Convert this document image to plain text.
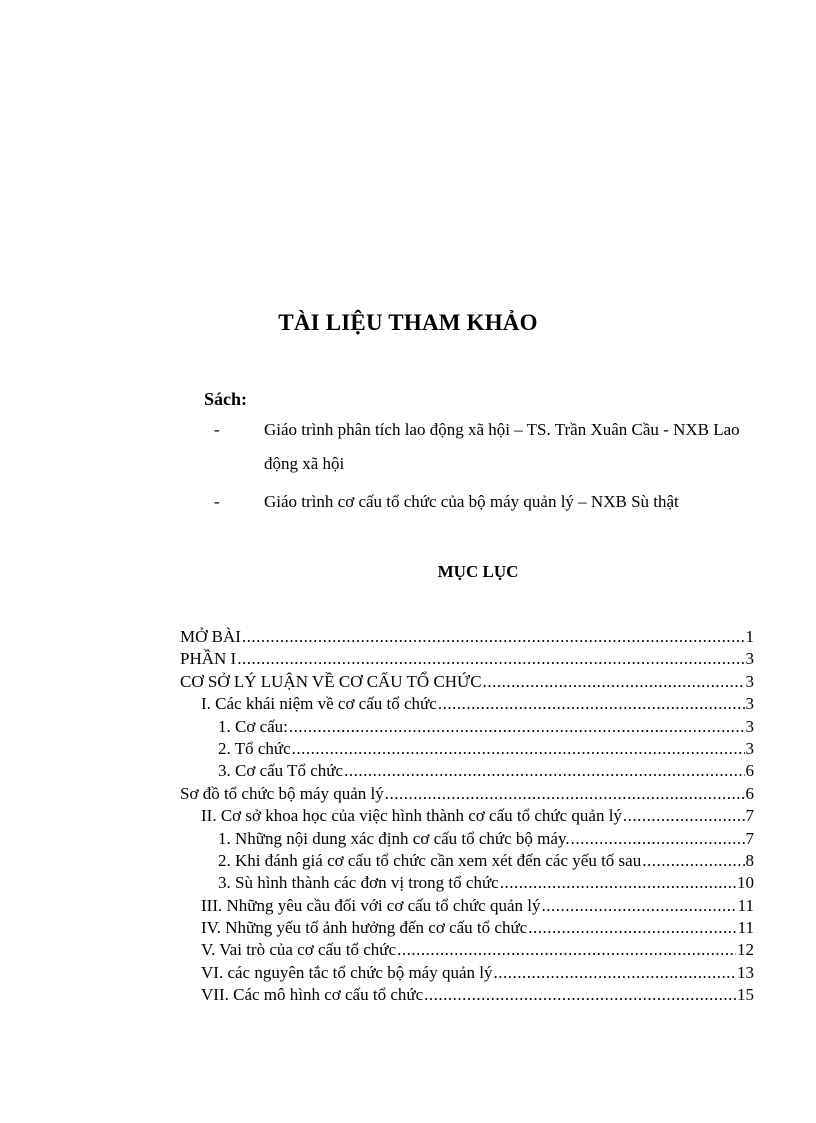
TÀI LIỆU THAM KHẢO
Sách:
-	Giáo trình phân tích lao động xã hội – TS. Trần Xuân Cầu - NXB Lao động xã hội
-	Giáo trình cơ cấu tổ chức của bộ máy quản lý – NXB Sù thật
MỤC LỤC
MỞ BÀI .....	1
PHẦN I .....	3
CƠ SỞ LÝ LUẬN VỀ CƠ CẤU TỔ CHỨC .....	3
I. Các khái niệm về cơ cấu tổ chức .....	3
1. Cơ cấu: .....	3
2. Tổ chức .....	3
3. Cơ cấu Tổ chức .....	6
Sơ đồ tổ chức bộ máy quản lý .....	6
II. Cơ sở khoa học của việc hình thành cơ cấu tổ chức quản lý .....	7
1. Những nội dung xác định cơ cấu tổ chức bộ máy. .....	7
2. Khi đánh giá cơ cấu tổ chức cần xem xét đến các yếu tố sau .....	8
3. Sù hình thành các đơn vị trong tổ chức .....	10
III. Những yêu cầu đối với cơ cấu tổ chức quản lý .....	11
IV. Những yếu tố ảnh hưởng đến cơ cấu tổ chức .....	11
V. Vai trò của cơ cấu tổ chức .....	12
VI. các nguyên tắc tổ chức bộ máy quản lý .....	13
VII. Các mô hình cơ cấu tổ chức .....	15
